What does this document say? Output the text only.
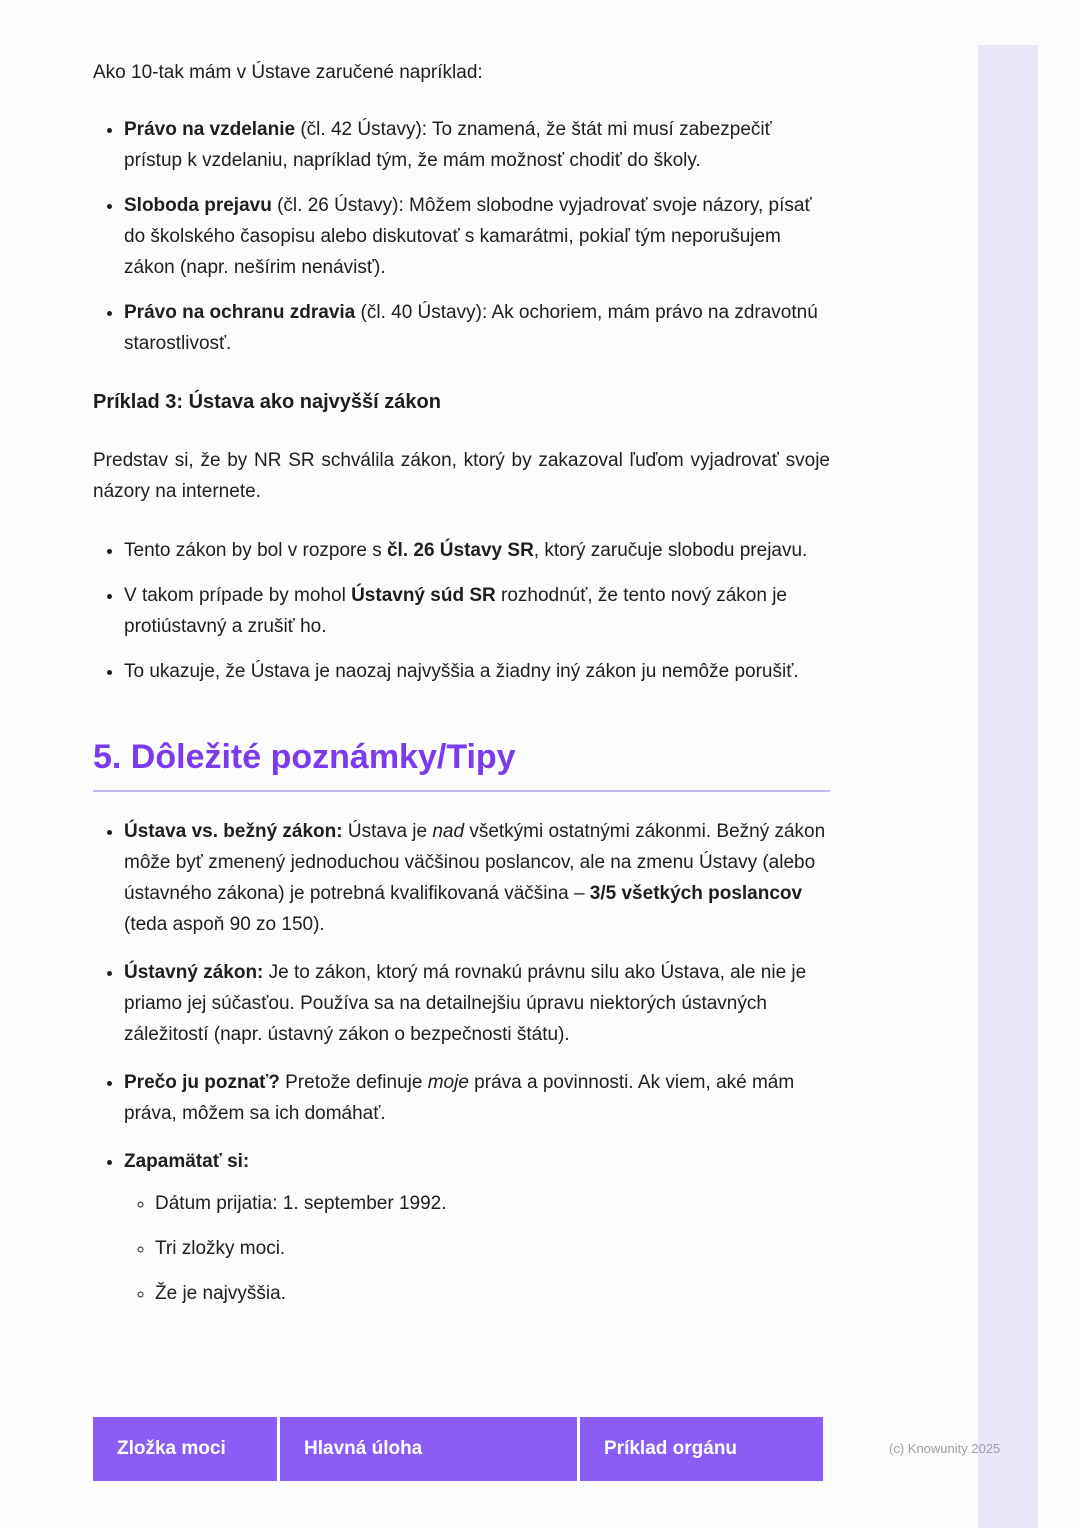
Ako 10-tak mám v Ústave zaručené napríklad:

• Právo na vzdelanie (čl. 42 Ústavy): To znamená, že štát mi musí zabezpečiť prístup k vzdelaniu, napríklad tým, že mám možnosť chodiť do školy.
• Sloboda prejavu (čl. 26 Ústavy): Môžem slobodne vyjadrovať svoje názory, písať do školského časopisu alebo diskutovať s kamarátmi, pokiaľ tým neporušujem zákon (napr. nešírim nenávisť).
• Právo na ochranu zdravia (čl. 40 Ústavy): Ak ochoriem, mám právo na zdravotnú starostlivosť.
Príklad 3: Ústava ako najvyšší zákon

Predstav si, že by NR SR schválila zákon, ktorý by zakazoval ľuďom vyjadrovať svoje názory na internete.

• Tento zákon by bol v rozpore s čl. 26 Ústavy SR, ktorý zaručuje slobodu prejavu.
• V takom prípade by mohol Ústavný súd SR rozhodnúť, že tento nový zákon je protiústavný a zrušiť ho.
• To ukazuje, že Ústava je naozaj najvyššia a žiadny iný zákon ju nemôže porušiť.
5. Dôležité poznámky/Tipy
• Ústava vs. bežný zákon: Ústava je nad všetkými ostatnými zákonmi. Bežný zákon môže byť zmenený jednoduchou väčšinou poslancov, ale na zmenu Ústavy (alebo ústavného zákona) je potrebná kvalifikovaná väčšina – 3/5 všetkých poslancov (teda aspoň 90 zo 150).
• Ústavný zákon: Je to zákon, ktorý má rovnakú právnu silu ako Ústava, ale nie je priamo jej súčasťou. Používa sa na detailnejšiu úpravu niektorých ústavných záležitostí (napr. ústavný zákon o bezpečnosti štátu).
• Prečo ju poznať? Pretože definuje moje práva a povinnosti. Ak viem, aké mám práva, môžem sa ich domáhať.
• Zapamätať si:
◦ Dátum prijatia: 1. september 1992.
◦ Tri zložky moci.
◦ Že je najvyššia.
Zložka moci	Hlavná úloha	Príklad orgánu	(c) Knowunity 2025
